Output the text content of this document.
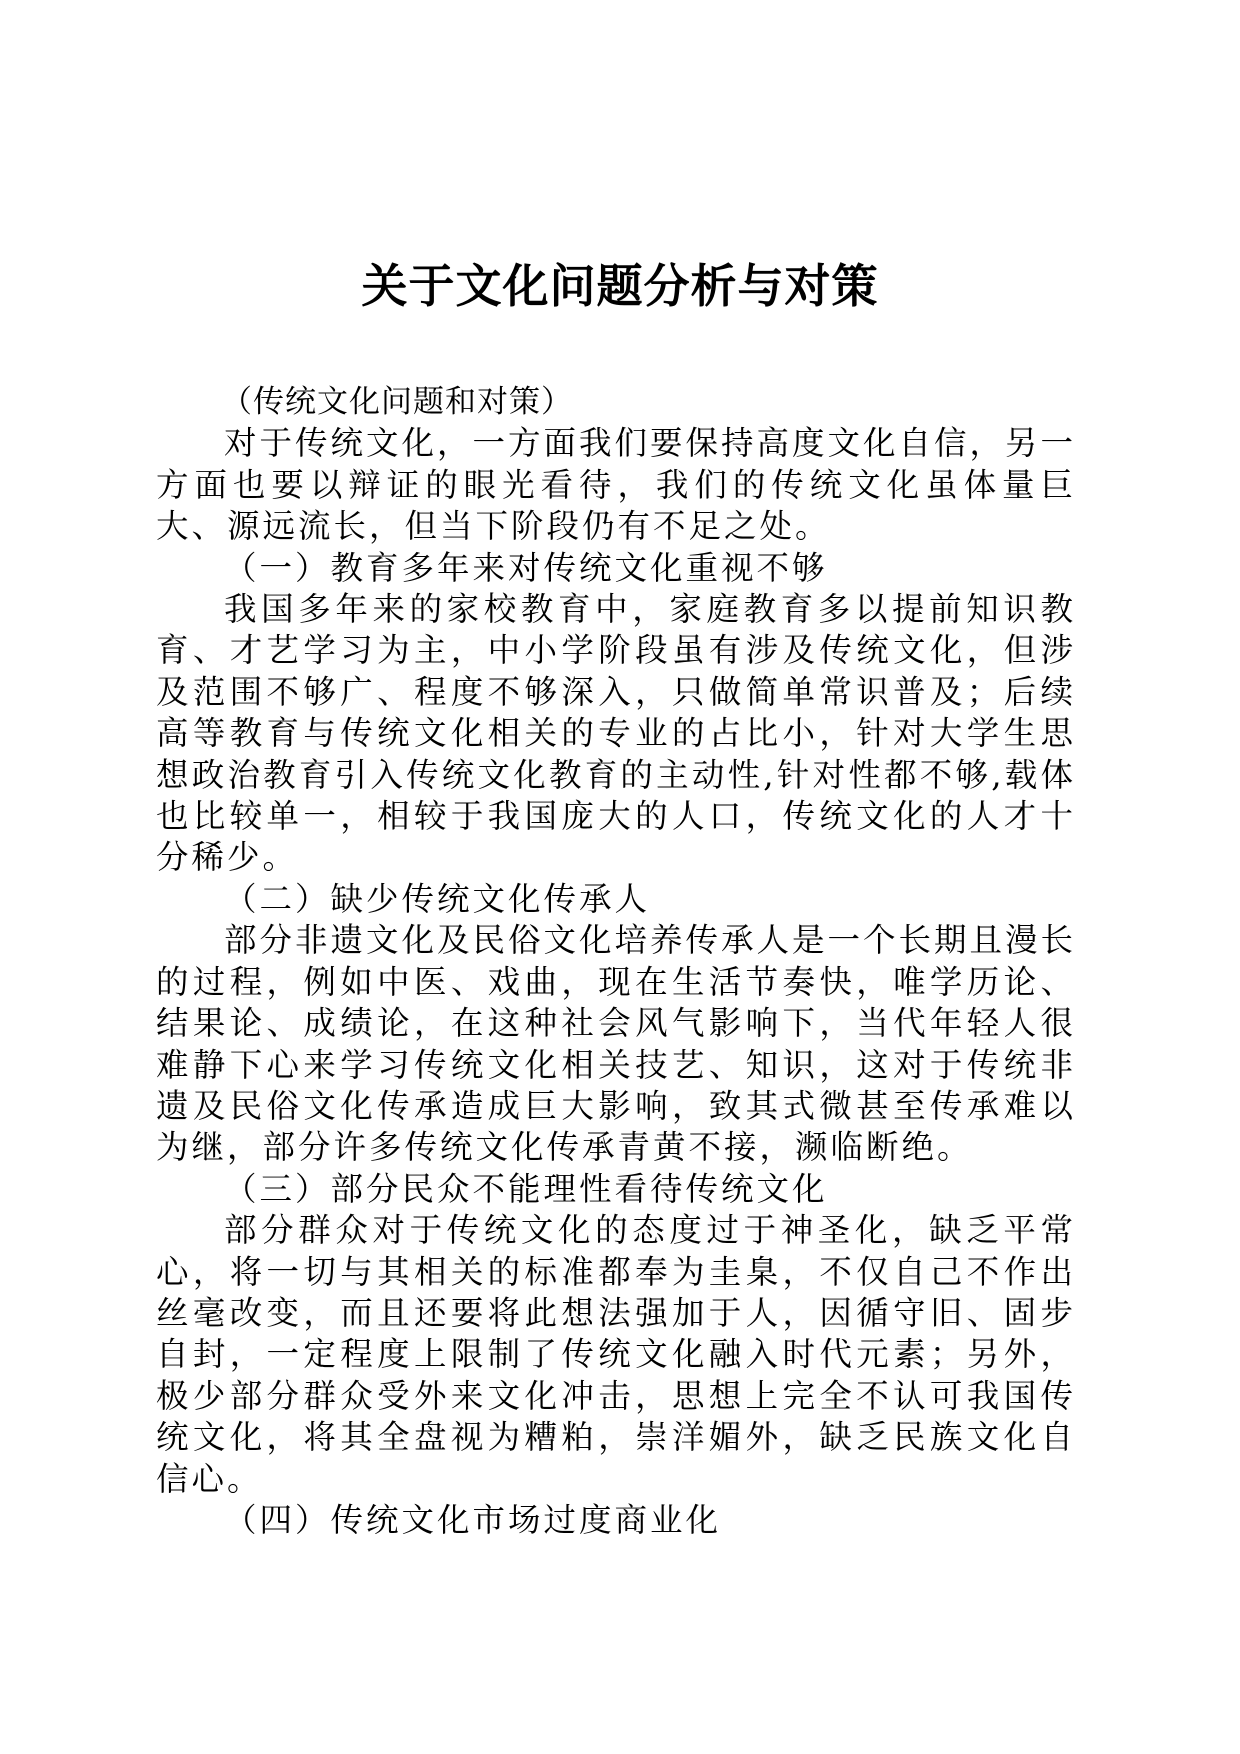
关于文化问题分析与对策

（传统文化问题和对策）

对于传统文化，一方面我们要保持高度文化自信，另一方面也要以辩证的眼光看待，我们的传统文化虽体量巨大、源远流长，但当下阶段仍有不足之处。

（一）教育多年来对传统文化重视不够

我国多年来的家校教育中，家庭教育多以提前知识教育、才艺学习为主，中小学阶段虽有涉及传统文化，但涉及范围不够广、程度不够深入，只做简单常识普及；后续高等教育与传统文化相关的专业的占比小，针对大学生思想政治教育引入传统文化教育的主动性,针对性都不够,载体也比较单一，相较于我国庞大的人口，传统文化的人才十分稀少。

（二）缺少传统文化传承人

部分非遗文化及民俗文化培养传承人是一个长期且漫长的过程，例如中医、戏曲，现在生活节奏快，唯学历论、结果论、成绩论，在这种社会风气影响下，当代年轻人很难静下心来学习传统文化相关技艺、知识，这对于传统非遗及民俗文化传承造成巨大影响，致其式微甚至传承难以为继，部分许多传统文化传承青黄不接，濒临断绝。

（三）部分民众不能理性看待传统文化

部分群众对于传统文化的态度过于神圣化，缺乏平常心，将一切与其相关的标准都奉为圭臬，不仅自己不作出丝毫改变，而且还要将此想法强加于人，因循守旧、固步自封，一定程度上限制了传统文化融入时代元素；另外，极少部分群众受外来文化冲击，思想上完全不认可我国传统文化，将其全盘视为糟粕，崇洋媚外，缺乏民族文化自信心。

（四）传统文化市场过度商业化
